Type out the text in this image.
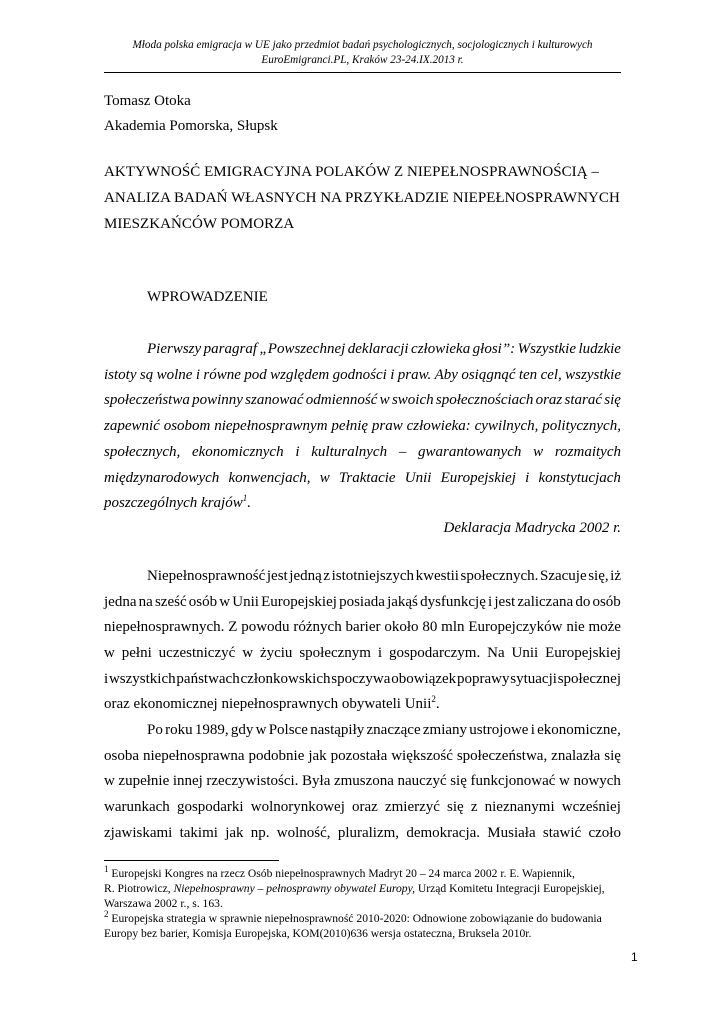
Młoda polska emigracja w UE jako przedmiot badań psychologicznych, socjologicznych i kulturowych
EuroEmigranci.PL, Kraków 23-24.IX.2013 r.
Tomasz Otoka
Akademia Pomorska, Słupsk
AKTYWNOŚĆ EMIGRACYJNA POLAKÓW Z NIEPEŁNOSPRAWNOŚCIĄ –
ANALIZA BADAŃ WŁASNYCH NA PRZYKŁADZIE NIEPEŁNOSPRAWNYCH
MIESZKAŃCÓW POMORZA
WPROWADZENIE
Pierwszy paragraf „Powszechnej deklaracji człowieka głosi”: Wszystkie ludzkie
istoty są wolne i równe pod względem godności i praw. Aby osiągnąć ten cel, wszystkie
społeczeństwa powinny szanować odmienność w swoich społecznościach oraz starać się
zapewnić osobom niepełnosprawnym pełnię praw człowieka: cywilnych, politycznych,
społecznych, ekonomicznych i kulturalnych – gwarantowanych w rozmaitych
międzynarodowych konwencjach, w Traktacie Unii Europejskiej i konstytucjach
poszczególnych krajów$^1$.
Deklaracja Madrycka 2002 r.
Niepełnosprawność jest jedną z istotniejszych kwestii społecznych. Szacuje się, iż
jedna na sześć osób w Unii Europejskiej posiada jakąś dysfunkcję i jest zaliczana do osób
niepełnosprawnych. Z powodu różnych barier około 80 mln Europejczyków nie może
w pełni uczestniczyć w życiu społecznym i gospodarczym. Na Unii Europejskiej
i wszystkich państwach członkowskich spoczywa obowiązek poprawy sytuacji społecznej
oraz ekonomicznej niepełnosprawnych obywateli Unii$^2$.
Po roku 1989, gdy w Polsce nastąpiły znaczące zmiany ustrojowe i ekonomiczne,
osoba niepełnosprawna podobnie jak pozostała większość społeczeństwa, znalazła się
w zupełnie innej rzeczywistości. Była zmuszona nauczyć się funkcjonować w nowych
warunkach gospodarki wolnorynkowej oraz zmierzyć się z nieznanymi wcześniej
zjawiskami takimi jak np. wolność, pluralizm, demokracja. Musiała stawić czoło
$^1$ Europejski Kongres na rzecz Osób niepełnosprawnych Madryt 20 – 24 marca 2002 r. E. Wapiennik,
R. Piotrowicz, Niepełnosprawny – pełnosprawny obywatel Europy, Urząd Komitetu Integracji Europejskiej,
Warszawa 2002 r., s. 163.
$^2$ Europejska strategia w sprawnie niepełnosprawność 2010-2020: Odnowione zobowiązanie do budowania
Europy bez barier, Komisja Europejska, KOM(2010)636 wersja ostateczna, Bruksela 2010r.
1
